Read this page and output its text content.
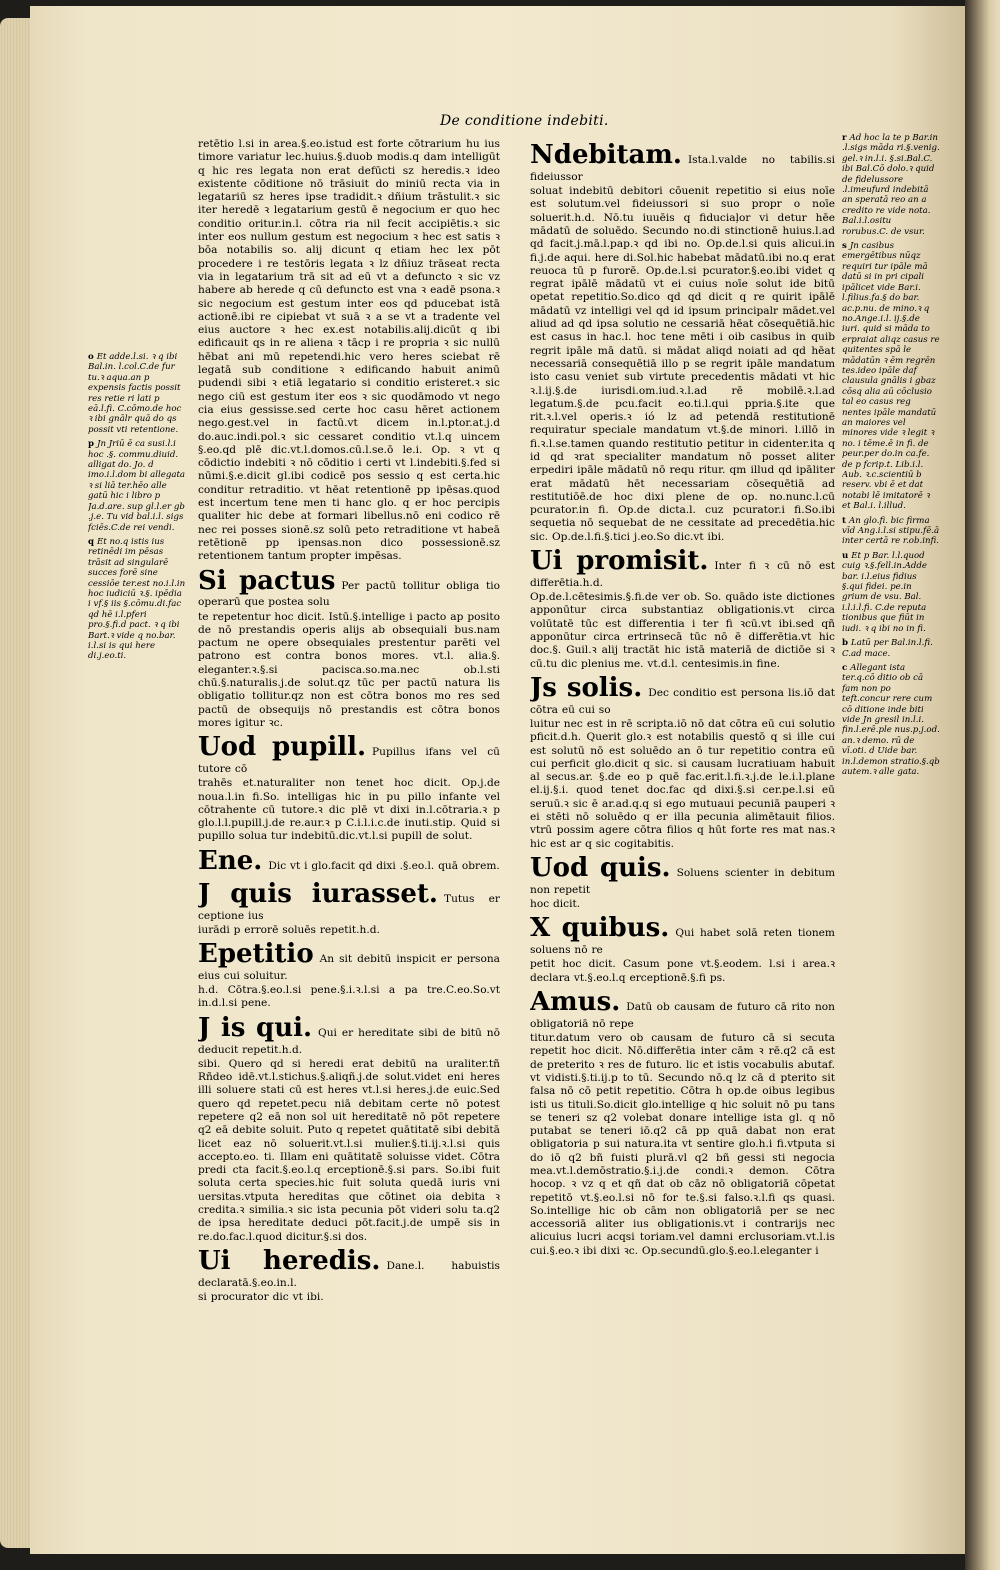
De conditione indebiti.
o Et adde.l.si. ꝛ q ibi Bal.in. l.col.C.de fur tu.ꝛ aqua.an p expensis factis possit res retie ri lati p eā.l.fi. C.cōmo.de hoc ꝛ ibi gnālr quā do qs possit vti retentione.
p Jn Jriū ē ca susi.l.i hoc .§. commu.diuid. alligat do. Jo. d imo.i.l.dom bi allegata ꝛ si liā ter.hēo alle gatū hic i libro p Ja.d.are. sup gl.l.er gb .j.e. Tu vid bal.i.l. sigs fciēs.C.de rei vendi.
q Et no.q istis ius retinēdi im pēsas trāsit ad singularē succes forē sine cessiōe ter.est no.i.l.in hoc iudiciū ꝛ.§. ipēdia i vf.§ iis §.cōmu.di.fac qd hē i.l.pferi pro.§.fi.d pact. ꝛ q ibi Bart.ꝛ vide q no.bar. i.l.si is qui here di.j.eo.ti.

retētio l.si in area.§.eo.istud est forte cōtrarium hu ius timore variatur lec.huius.§.duob modis.q dam intelligūt q hic res legata non erat defūcti sz heredis.ꝛ ideo existente cōditione nō trāsiuit do miniū recta via in legatariū sz heres ipse tradidit.ꝛ dñium trāstulit.ꝛ sic iter heredē ꝛ legatarium gestū ē negocium er quo hec conditio oritur.in.l. cōtra ria nil fecit accipiētis.ꝛ sic inter eos nullum gestum est negocium ꝛ hec est satis ꝛ bōa notabilis so. alij dicunt q etiam hec lex pōt procedere i re testōris legata ꝛ lz dñiuz trāseat recta via in legatarium trā sit ad eū vt a defuncto ꝛ sic vz habere ab herede q cū defuncto est vna ꝛ eadē psona.ꝛ sic negocium est gestum inter eos qd pducebat istā actionē.ibi re cipiebat vt suā ꝛ a se vt a tradente vel eius auctore ꝛ hec ex.est notabilis.alij.dicūt q ibi edificauit qs in re aliena ꝛ tācp i re propria ꝛ sic nullū hēbat ani mū repetendi.hic vero heres sciebat rē legatā sub conditione ꝛ edificando habuit animū pudendi sibi ꝛ etiā legatario si conditio eristeret.ꝛ sic nego ciū est gestum iter eos ꝛ sic quodāmodo vt nego cia eius gessisse.sed certe hoc casu hēret actionem nego.gest.vel in factū.vt dicem in.l.ptor.at.j.d do.auc.indi.pol.ꝛ sic cessaret conditio vt.l.q uincem §.eo.qd plē dic.vt.l.domos.cū.l.se.ō le.i. Op. ꝛ vt q cōdictio indebiti ꝛ nō cōditio i certi vt l.indebiti.§.fed si nūmi.§.e.dicit gl.ibi codicē pos sessio q est certa.hic conditur retraditio. vt hēat retentionē pp ipēsas.quod est incertum tene men ti hanc glo. q er hoc percipis qualiter hic debe at formari libellus.nō eni codico rē nec rei posses sionē.sz solū peto retraditione vt habeā retētionē pp ipensas.non dico possessionē.sz retentionem tantum propter impēsas.

Si pactus Per pactū tollitur obliga tio operarū que postea solu

te repetentur hoc dicit. Istū.§.intellige i pacto ap posito de nō prestandis operis alijs ab obsequiali bus.nam pactum ne opere obsequiales prestentur parēti vel patrono est contra bonos mores. vt.l. alia.§. eleganter.ꝛ.§.si pacisca.so.ma.nec ob.l.sti chū.§.naturalis.j.de solut.qz tūc per pactū natura lis obligatio tollitur.qz non est cōtra bonos mo res sed pactū de obsequijs nō prestandis est cōtra bonos mores igitur ꝛc.

Uod pupill. Pupillus ifans vel cū tutore cō

trahēs et.naturaliter non tenet hoc dicit. Op.j.de noua.l.in fi.So. intelligas hic in pu pillo infante vel cōtrahente cū tutore.ꝛ dic plē vt dixi in.l.cōtraria.ꝛ p glo.l.l.pupill.j.de re.aur.ꝛ p C.i.l.i.c.de inuti.stip. Quid si pupillo solua tur indebitū.dic.vt.l.si pupill de solut.

Ene. Dic vt i glo.facit qd dixi .§.eo.l. quā obrem.

J quis iurasset. Tutus er ceptione ius

iurādi p errorē soluēs repetit.h.d.

Epetitio An sit debitū inspicit er persona eius cui soluitur.

h.d. Cōtra.§.eo.l.si pene.§.i.ꝛ.l.si a pa tre.C.eo.So.vt in.d.l.si pene.

J is qui. Qui er hereditate sibi de bitū nō deducit repetit.h.d.

sibi. Quero qd si heredi erat debitū na uraliter.tñ Rñdeo idē.vt.l.stichus.§.aliqñ.j.de solut.videt eni heres illi soluere stati cū est heres vt.l.si heres.j.de euic.Sed quero qd repetet.pecu niā debitam certe nō potest repetere q2 eā non sol uit hereditatē nō pōt repetere q2 eā debite soluit. Puto q repetet quātitatē sibi debitā licet eaz nō soluerit.vt.l.si mulier.§.ti.ij.ꝛ.l.si quis accepto.eo. ti. Illam eni quātitatē soluisse videt. Cōtra predi cta facit.§.eo.l.q erceptionē.§.si pars. So.ibi fuit soluta certa species.hic fuit soluta quedā iuris vni uersitas.vtputa hereditas que cōtinet oia debita ꝛ credita.ꝛ similia.ꝛ sic ista pecunia pōt videri solu ta.q2 de ipsa hereditate deduci pōt.facit.j.de umpē sis in re.do.fac.l.quod dicitur.§.si dos.

Ui heredis. Dane.l. habuistis declaratā.§.eo.in.l.

si procurator dic vt ibi.

Ndebitam. Ista.l.valde no tabilis.si fideiussor

soluat indebitū debitori cōuenit repetitio si eius noīe est solutum.vel fideiussori si suo propr o noīe soluerit.h.d. Nō.tu iuuēis q fiduciaļor vi detur hēe mādatū de soluēdo. Secundo no.di stinctionē huius.l.ad qd facit.j.mā.l.pap.ꝛ qd ibi no. Op.de.l.si quis alicui.in fi.j.de aqui. here di.Sol.hic habebat mādatū.ibi no.q erat reuoca tū p furorē. Op.de.l.si pcurator.§.eo.ibi videt q regrat ipālē mādatū vt ei cuius noīe solut ide bitū opetat repetitio.So.dico qd qd dicit q re quirit ipālē mādatū vz intelligi vel qd id ipsum principalr mādet.vel aliud ad qd ipsa solutio ne cessariā hēat cōsequētiā.hic est casus in hac.l. hoc tene mēti i oib casibus in quib regrit ipāle mā datū. si mādat aliqd noiati ad qd hēat necessariā consequētiā illo p se regrit ipāle mandatum isto casu veniet sub virtute precedentis mādati vt hic ꝛ.l.ij.§.de iurisdi.om.iud.ꝛ.l.ad rē mobilē.ꝛ.l.ad legatum.§.de pcu.facit eo.ti.l.qui ppria.§.ite que rit.ꝛ.l.vel operis.ꝛ ió lz ad petendā restitutionē requiratur speciale mandatum vt.§.de minori. l.illō in fi.ꝛ.l.se.tamen quando restitutio petitur in cidenter.ita q id qd ꝛrat specialiter mandatum nō posset aliter erpediri ipāle mādatū nō requ ritur. qm illud qd ipāliter erat mādatū hēt necessariam cōsequētiā ad restitutiōē.de hoc dixi plene de op. no.nunc.l.cū pcurator.in fi. Op.de dicta.l. cuz pcurator.i fi.So.ibi sequetia nō sequebat de ne cessitate ad precedētia.hic sic. Op.de.l.fi.§.tici j.eo.So dic.vt ibi.

Ui promisit. Inter fi ꝛ cū nō est differētia.h.d.

Op.de.l.cētesimis.§.fi.de ver ob. So. quādo iste dictiones apponūtur circa substantiaz obligationis.vt circa volūtatē tūc est differentia i ter fi ꝛcū.vt ibi.sed qñ apponūtur circa ertrinsecā tūc nō ē differētia.vt hic doc.§. Guil.ꝛ alij tractāt hic istā materiā de dictiōe si ꝛ cū.tu dic plenius me. vt.d.l. centesimis.in fine.

Js solis. Dec conditio est persona lis.iō dat cōtra eū cui so

luitur nec est in rē scripta.iō nō dat cōtra eū cui solutio pficit.d.h. Querit glo.ꝛ est notabilis questō q si ille cui est solutū nō est soluēdo an ō tur repetitio contra eū cui perficit glo.dicit q sic. si causam lucratiuam habuit al secus.ar. §.de eo p quē fac.erit.l.fi.ꝛ.j.de le.i.l.plane el.ij.§.i. quod tenet doc.fac qd dixi.§.si cer.pe.l.si eū seruū.ꝛ sic ē ar.ad.q.q si ego mutuaui pecuniā pauperi ꝛ ei stēti nō soluēdo q er illa pecunia alimētauit filios. vtrū possim agere cōtra filios q hūt forte res mat nas.ꝛ hic est ar q sic cogitabitis.

Uod quis. Soluens scienter in debitum non repetit

hoc dicit.

X quibus. Qui habet solā reten tionem soluens nō re

petit hoc dicit. Casum pone vt.§.eodem. l.si i area.ꝛ declara vt.§.eo.l.q erceptionē.§.fi ps.

Amus. Datū ob causam de futuro cā rito non obligatoriā nō repe

titur.datum vero ob causam de futuro cā si secuta repetit hoc dicit. Nō.differētia inter cām ꝛ rē.q2 cā est de preterito ꝛ res de futuro. lic et istis vocabulis abutaf. vt vidisti.§.ti.ij.p to tū. Secundo nō.q lz cā d pterito sit falsa nō cō petit repetitio. Cōtra h op.de oibus legibus isti us tituli.So.dicit glo.intellige q hic soluit nō pu tans se teneri sz q2 volebat donare intellige ista gl. q nō putabat se teneri iō.q2 cā pp quā dabat non erat obligatoria p sui natura.ita vt sentire glo.h.i fi.vtputa si do iō q2 bñ fuisti plurā.vl q2 bñ gessi sti negocia mea.vt.l.demōstratio.§.i.j.de condi.ꝛ demon. Cōtra hocop. ꝛ vz q et qñ dat ob cāz nō obligatoriā cōpetat repetitō vt.§.eo.l.si nō for te.§.si falso.ꝛ.l.fi qs quasi. So.intellige hic ob cām non obligatoriā per se nec accessoriā aliter ius obligationis.vt i contrarijs nec alicuius lucri acqsi toriam.vel damni erclusoriam.vt.l.is cui.§.eo.ꝛ ibi dixi ꝛc. Op.secundū.glo.§.eo.l.eleganter i

r Ad hoc la te p Bar.in .l.sigs māda ri.§.venig. gel.ꝛ in.l.i. §.si.Bal.C. ibi Bal.Cō dolo.ꝛ quid de fidelussore .l.imeufurd indebitā an speratā reo an a credito re vide nota. Bal.i.l.ositu rorubus.C. de vsur.
s Jn casibus emergētibus nūqz requiri tur ipāle mā datū si in pri cipali ipālicet vide Bar.i. l.filius.fa.§ do bar. ac.p.nu. de mino.ꝛ q no.Ange.i.l. ij.§.de iuri. quid si māda to erpraiat aliqz casus re quitentes spā le mādatūn ꝛ ēm regrēn tes.ideo ipāle daf clausula gnālis i gbaz cōsq alia aū cōclusio tal eo casus reg nentes ipāle mandatū an maiores vel minores vide ꝛ legit ꝛ no. i tēme.ē in fi. de peur.per do.in ca.fe. de p fcrip.t. Lib.i.l. Aub. ꝛ.c.scientiū b reserv. vbi ē et dat notabi lē imitatorē ꝛ et Bal.i. l.illud.
t An glo.fi. bic firma vīd Ang.i.l.si stipu.fē.ā inter certā re r.ob.infi.
u Et p Bar. l.l.quod cuig ꝛ.§.fell.in.Adde bar. i.l.eius fidius §.qui fidei. pe.in grium de vsu. Bal. i.l.i.l.fi. C.de reputa tionibus que fiūt in iudi. ꝛ q ibi no in fi.
b Latū per Bal.in.l.fi. C.ad mace.
c Allegant ista ter.q.cō ditio ob cā fam non po teft.concur rere cum cō ditione inde biti vide Jn gresil in.l.i. fin.l.erē.ple nus.p.j.od. an.ꝛ demo. rū de vī.oti. d Uide bar. in.l.demon stratio.§.qb autem.ꝛ alle gata.
